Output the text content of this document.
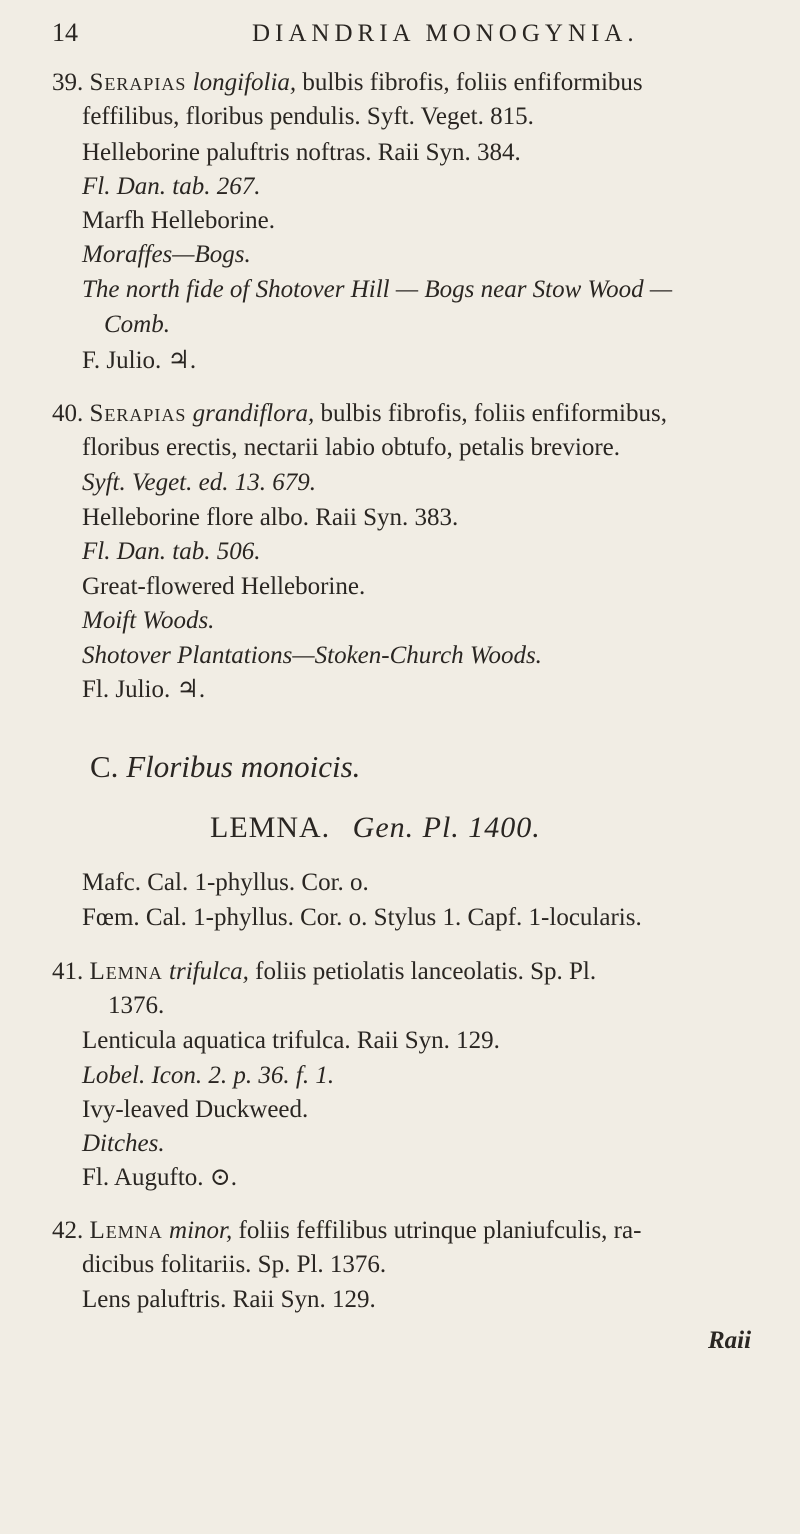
14	DIANDRIA MONOGYNIA.
39. Serapias longifolia, bulbis fibrofis, foliis enfiformibus
feffilibus, floribus pendulis. Syft. Veget. 815.
Helleborine paluftris noftras. Raii Syn. 384.
Fl. Dan. tab. 267.
Marfh Helleborine.
Moraffes—Bogs.
The north fide of Shotover Hill — Bogs near Stow Wood —
Comb.
F. Julio. ♃.
40. Serapias grandiflora, bulbis fibrofis, foliis enfiformibus,
floribus erectis, nectarii labio obtufo, petalis breviore.
Syft. Veget. ed. 13. 679.
Helleborine flore albo. Raii Syn. 383.
Fl. Dan. tab. 506.
Great-flowered Helleborine.
Moift Woods.
Shotover Plantations—Stoken-Church Woods.
Fl. Julio. ♃.
C. Floribus monoicis.
LEMNA. Gen. Pl. 1400.
Mafc. Cal. 1-phyllus. Cor. o.
Fœm. Cal. 1-phyllus. Cor. o. Stylus 1. Capf. 1-locularis.
41. Lemna trifulca, foliis petiolatis lanceolatis. Sp. Pl.
1376.
Lenticula aquatica trifulca. Raii Syn. 129.
Lobel. Icon. 2. p. 36. f. 1.
Ivy-leaved Duckweed.
Ditches.
Fl. Augufto. ⊙.
42. Lemna minor, foliis feffilibus utrinque planiufculis, ra-
dicibus folitariis. Sp. Pl. 1376.
Lens paluftris. Raii Syn. 129.
Raii
